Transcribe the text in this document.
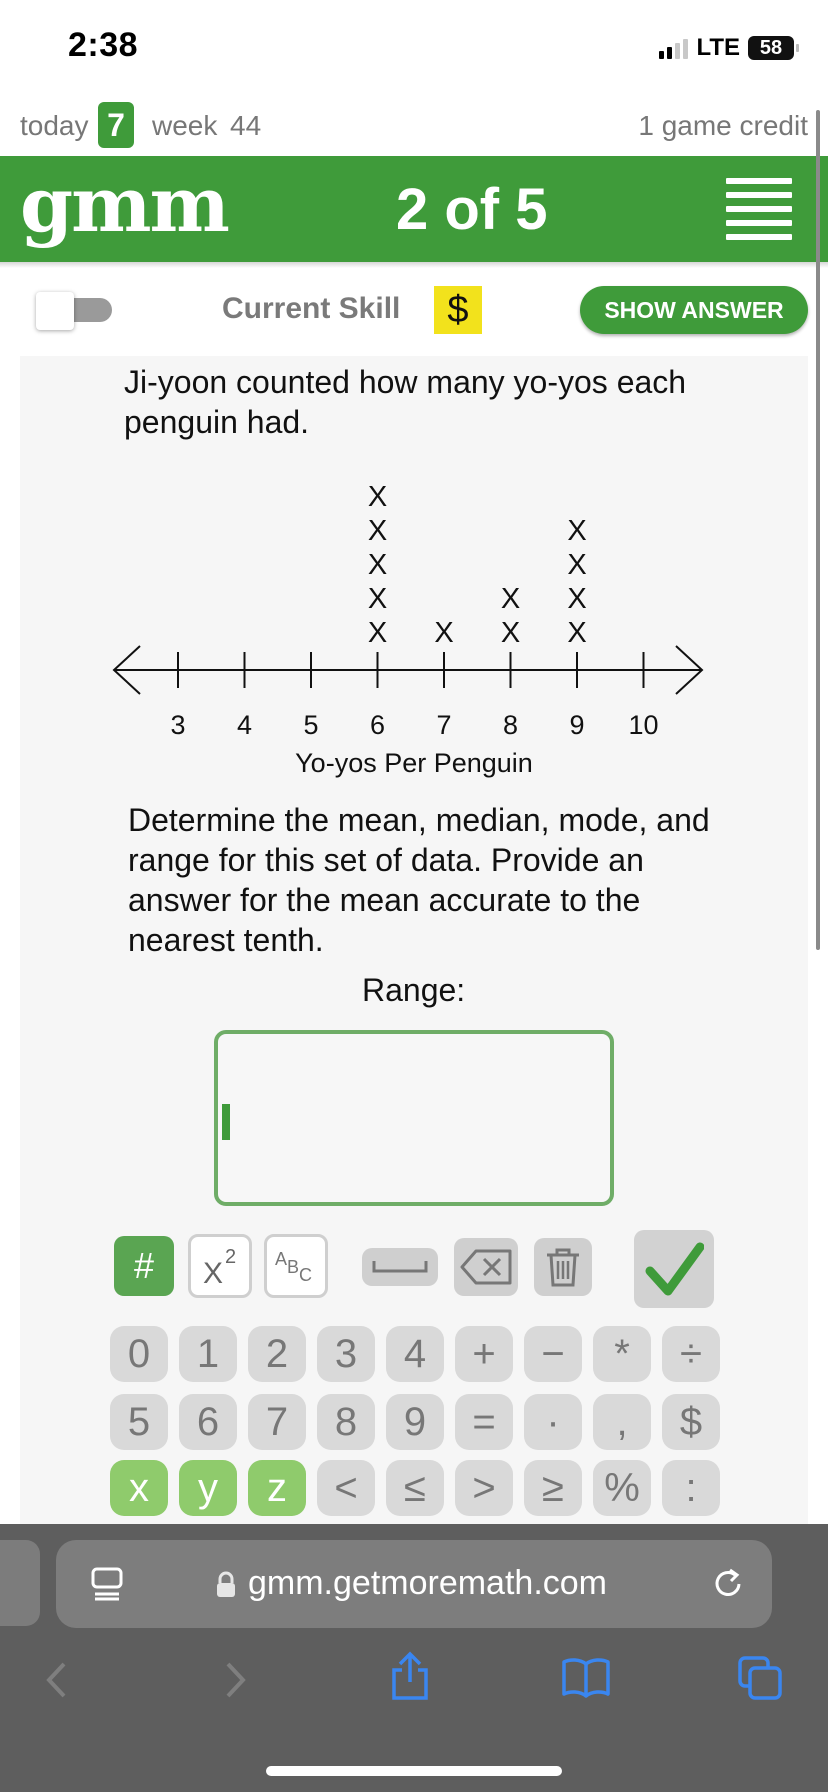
2:38	LTE 58
today 7 week 44	1 game credit
gmm	2 of 5
Current Skill	$	SHOW ANSWER
Ji-yoon counted how many yo-yos each penguin had.
3 4 5 6 7 8 9 10
X
X
X
X
X
X X
X
X
X
X
X
Yo-yos Per Penguin
Determine the mean, median, mode, and range for this set of data. Provide an answer for the mean accurate to the nearest tenth.
Range:
#	X 2 A B C
0	1	2	3	4	+	−	*	÷
5	6	7	8	9	=	·	,	$
x	y	z	<	≤	>	≥	%	:
gmm.getmoremath.com
